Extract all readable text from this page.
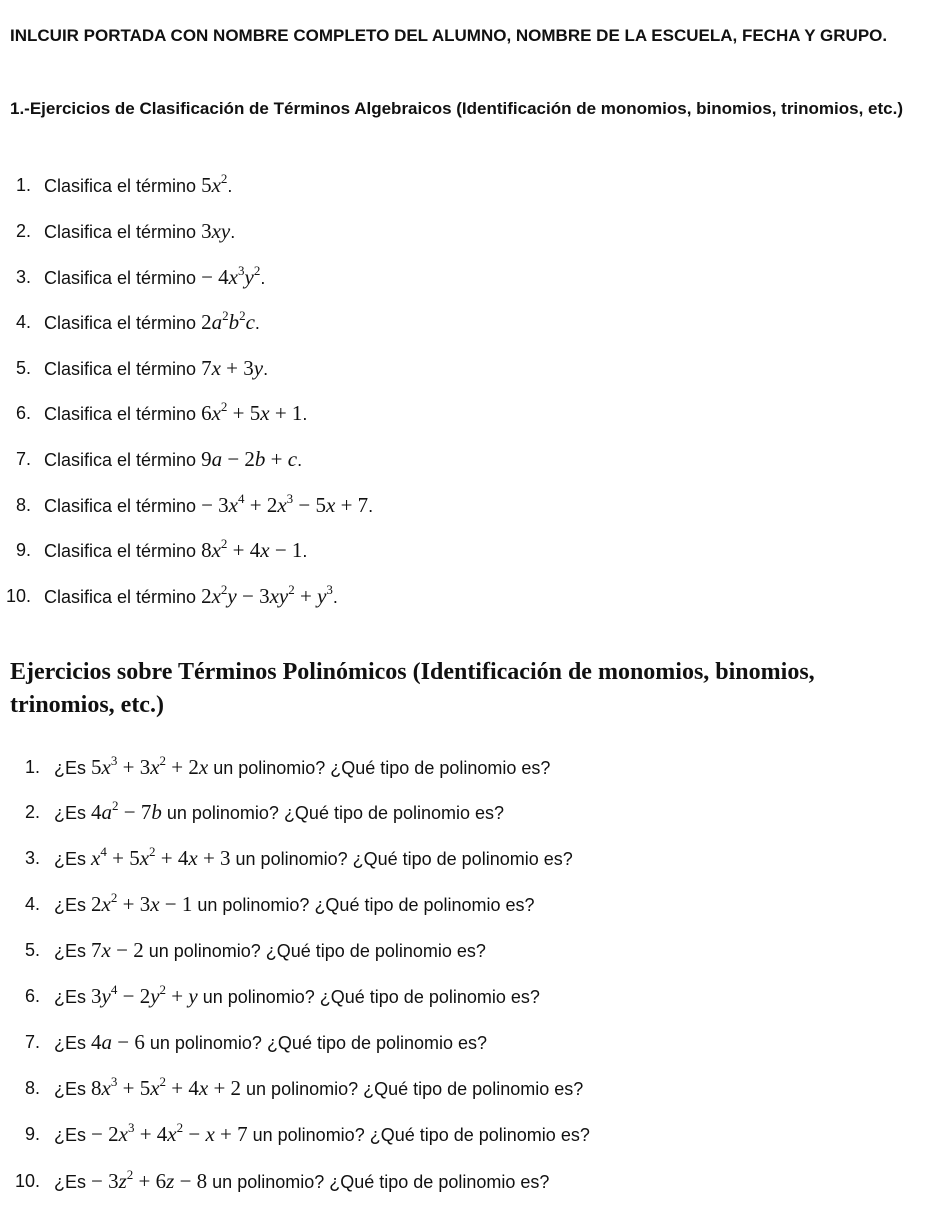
INLCUIR PORTADA CON NOMBRE COMPLETO DEL ALUMNO, NOMBRE DE LA ESCUELA, FECHA Y GRUPO.

1.-Ejercicios de Clasificación de Términos Algebraicos (Identificación de monomios, binomios, trinomios, etc.)

1. Clasifica el término $5x^2$.
2. Clasifica el término 3xy.
3. Clasifica el término − $4x^3y^2$.
4. Clasifica el término $2a^2b^2c$.
5. Clasifica el término 7x + 3y.
6. Clasifica el término $6x^2 + 5x + 1$.
7. Clasifica el término 9a − 2b + c.
8. Clasifica el término − $3x^4 + 2x^3 - 5x + 7$.
9. Clasifica el término $8x^2 + 4x - 1$.
10. Clasifica el término $2x^2y - 3xy^2 + y^3$.
Ejercicios sobre Términos Polinómicos (Identificación de monomios, binomios, trinomios, etc.)
1. ¿Es $5x^3 + 3x^2 + 2x$ un polinomio? ¿Qué tipo de polinomio es?
2. ¿Es $4a^2 - 7b$ un polinomio? ¿Qué tipo de polinomio es?
3. ¿Es $x^4 + 5x^2 + 4x + 3$ un polinomio? ¿Qué tipo de polinomio es?
4. ¿Es $2x^2 + 3x - 1$ un polinomio? ¿Qué tipo de polinomio es?
5. ¿Es 7x − 2 un polinomio? ¿Qué tipo de polinomio es?
6. ¿Es $3y^4 - 2y^2 + y$ un polinomio? ¿Qué tipo de polinomio es?
7. ¿Es 4a − 6 un polinomio? ¿Qué tipo de polinomio es?
8. ¿Es $8x^3 + 5x^2 + 4x + 2$ un polinomio? ¿Qué tipo de polinomio es?
9. ¿$Es - 2x^3 + 4x^2 - x + 7$ un polinomio? ¿Qué tipo de polinomio es?
10. ¿$Es - 3z^2 + 6z - 8$ un polinomio? ¿Qué tipo de polinomio es?
